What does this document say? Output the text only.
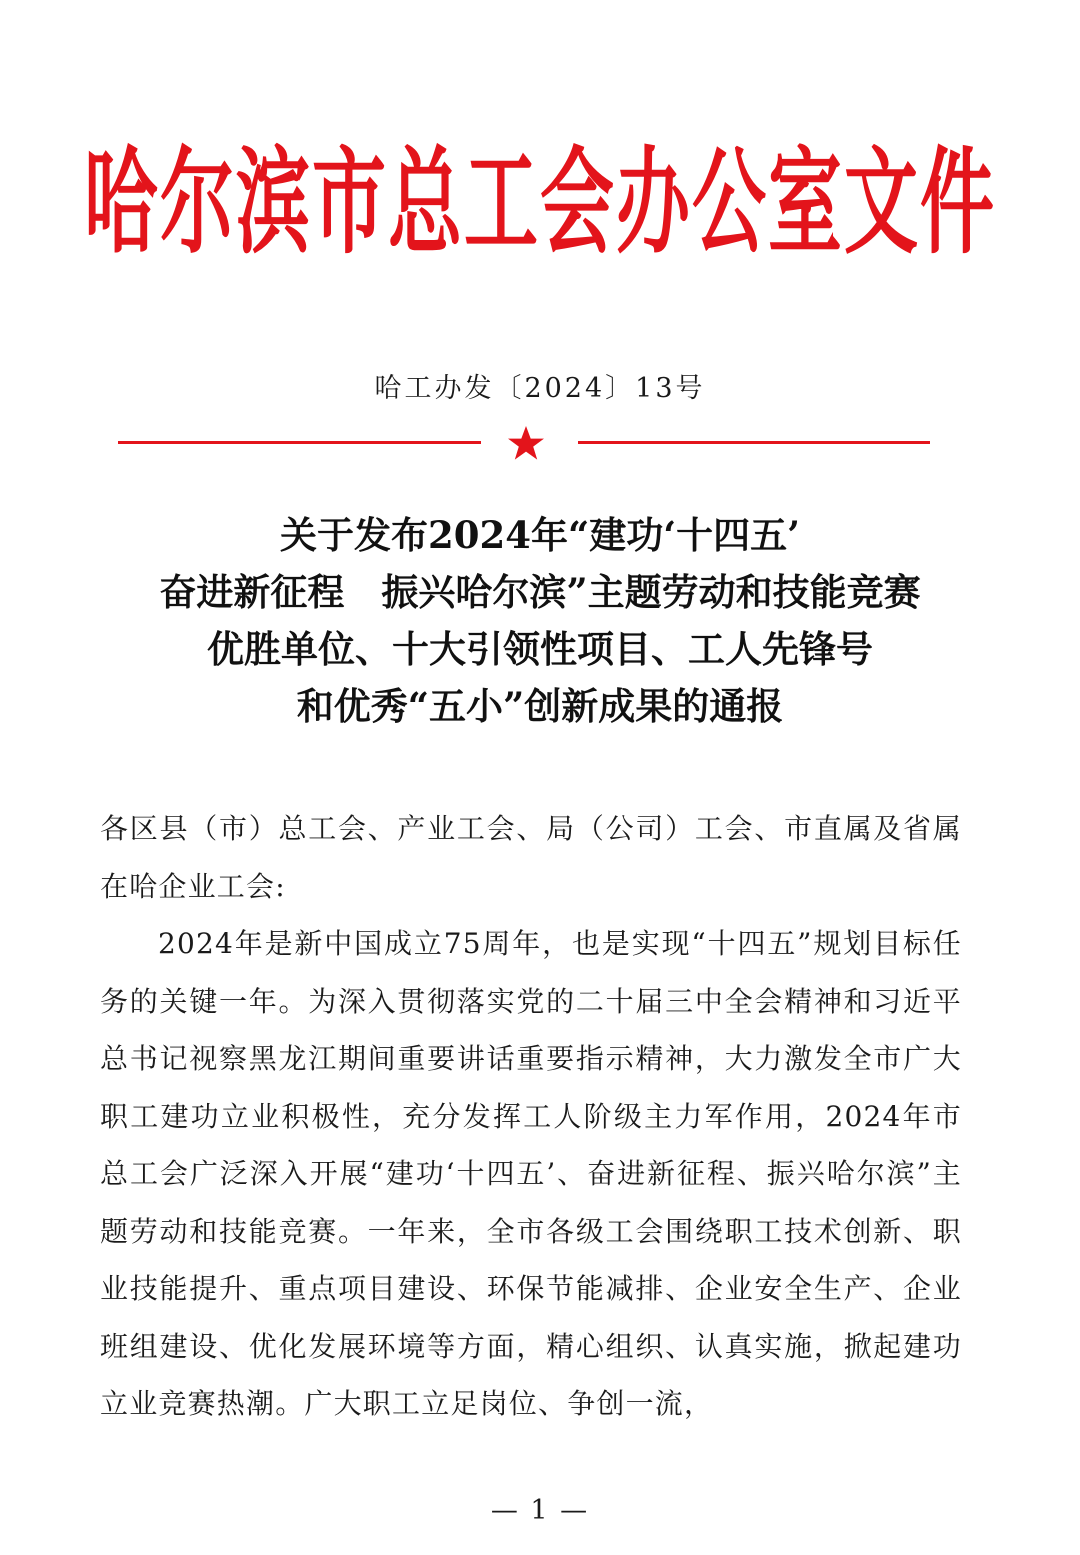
哈尔滨市总工会办公室文件
哈工办发〔2024〕13号
关于发布2024年“建功‘十四五’
奋进新征程　振兴哈尔滨”主题劳动和技能竞赛
优胜单位、十大引领性项目、工人先锋号
和优秀“五小”创新成果的通报

各区县（市）总工会、产业工会、局（公司）工会、市直属及省属在哈企业工会:

2024年是新中国成立75周年，也是实现“十四五”规划目标任务的关键一年。为深入贯彻落实党的二十届三中全会精神和习近平总书记视察黑龙江期间重要讲话重要指示精神，大力激发全市广大职工建功立业积极性，充分发挥工人阶级主力军作用，2024年市总工会广泛深入开展“建功‘十四五’、奋进新征程、振兴哈尔滨”主题劳动和技能竞赛。一年来，全市各级工会围绕职工技术创新、职业技能提升、重点项目建设、环保节能减排、企业安全生产、企业班组建设、优化发展环境等方面，精心组织、认真实施，掀起建功立业竞赛热潮。广大职工立足岗位、争创一流，

— 1 —
